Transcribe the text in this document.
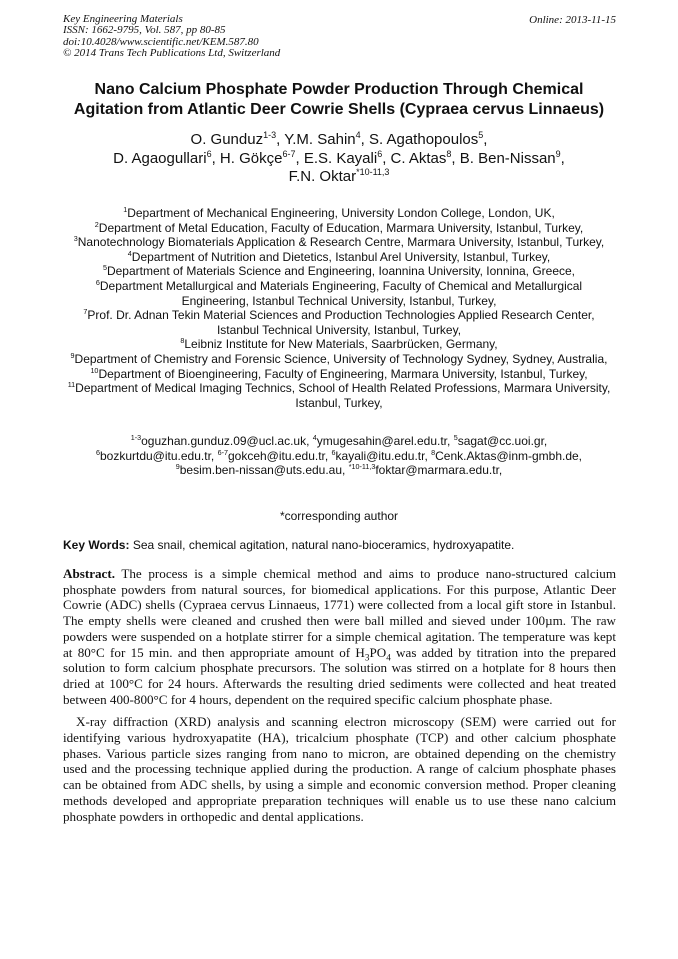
Key Engineering Materials
ISSN: 1662-9795, Vol. 587, pp 80-85
doi:10.4028/www.scientific.net/KEM.587.80
© 2014 Trans Tech Publications Ltd, Switzerland
Online: 2013-11-15
Nano Calcium Phosphate Powder Production Through Chemical
Agitation from Atlantic Deer Cowrie Shells (Cypraea cervus Linnaeus)
O. Gunduz$^{1-3}$, Y.M. Sahin$^4$, S. Agathopoulos$^5$,
D. Agaogullari$^6$, H. Gökçe$^{6-7}$, E.S. Kayali$^6$, C. Aktas$^8$, B. Ben-Nissan$^9$,
F.N. Oktar$^{*10-11,3}$
$^1$Department of Mechanical Engineering, University London College, London, UK,
$^2$Department of Metal Education, Faculty of Education, Marmara University, Istanbul, Turkey,
$^3$Nanotechnology Biomaterials Application & Research Centre, Marmara University, Istanbul, Turkey,
$^4$Department of Nutrition and Dietetics, Istanbul Arel University, Istanbul, Turkey,
$^5$Department of Materials Science and Engineering, Ioannina University, Ionnina, Greece,
$^6$Department Metallurgical and Materials Engineering, Faculty of Chemical and Metallurgical Engineering, Istanbul Technical University, Istanbul, Turkey,
$^7$Prof. Dr. Adnan Tekin Material Sciences and Production Technologies Applied Research Center, Istanbul Technical University, Istanbul, Turkey,
$^8$Leibniz Institute for New Materials, Saarbrücken, Germany,
$^9$Department of Chemistry and Forensic Science, University of Technology Sydney, Sydney, Australia,
$^{10}$Department of Bioengineering, Faculty of Engineering, Marmara University, Istanbul, Turkey,
$^{11}$Department of Medical Imaging Technics, School of Health Related Professions, Marmara University, Istanbul, Turkey,
$^{1-3}$oguzhan.gunduz.09@ucl.ac.uk, $^4$ymugesahin@arel.edu.tr, $^5$sagat@cc.uoi.gr,
$^6$bozkurtdu@itu.edu.tr, $^{6-7}$gokceh@itu.edu.tr, $^6$kayali@itu.edu.tr, $^8$Cenk.Aktas@inm-gmbh.de,
$^9$besim.ben-nissan@uts.edu.au, $^{*10-11,3}$foktar@marmara.edu.tr,
*corresponding author
Key Words: Sea snail, chemical agitation, natural nano-bioceramics, hydroxyapatite.

Abstract. The process is a simple chemical method and aims to produce nano-structured calcium phosphate powders from natural sources, for biomedical applications. For this purpose, Atlantic Deer Cowrie (ADC) shells (Cypraea cervus Linnaeus, 1771) were collected from a local gift store in Istanbul. The empty shells were cleaned and crushed then were ball milled and sieved under 100µm. The raw powders were suspended on a hotplate stirrer for a simple chemical agitation. The temperature was kept at 80°C for 15 min. and then appropriate amount of $H_3PO_4$ was added by titration into the prepared solution to form calcium phosphate precursors. The solution was stirred on a hotplate for 8 hours then dried at 100°C for 24 hours. Afterwards the resulting dried sediments were collected and heat treated between 400-800°C for 4 hours, dependent on the required specific calcium phosphate phase.

X-ray diffraction (XRD) analysis and scanning electron microscopy (SEM) were carried out for identifying various hydroxyapatite (HA), tricalcium phosphate (TCP) and other calcium phosphate phases. Various particle sizes ranging from nano to micron, are obtained depending on the chemistry used and the processing technique applied during the production. A range of calcium phosphate phases can be obtained from ADC shells, by using a simple and economic conversion method. Proper cleaning methods developed and appropriate preparation techniques will enable us to use these nano calcium phosphate powders in orthopedic and dental applications.
